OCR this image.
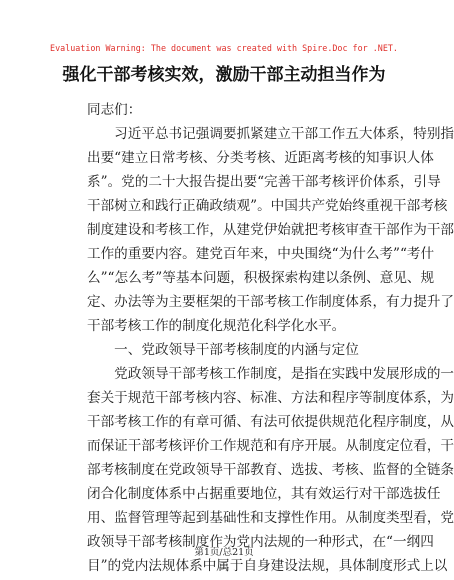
Evaluation Warning: The document was created with Spire.Doc for .NET.
强化干部考核实效，激励干部主动担当作为
同志们：
　　习近平总书记强调要抓紧建立干部工作五大体系，特别指
出要“建立日常考核、分类考核、近距离考核的知事识人体
系”。党的二十大报告提出要“完善干部考核评价体系，引导
干部树立和践行正确政绩观”。中国共产党始终重视干部考核
制度建设和考核工作，从建党伊始就把考核审查干部作为干部
工作的重要内容。建党百年来，中央围绕“为什么考”“考什
么”“怎么考”等基本问题，积极探索构建以条例、意见、规
定、办法等为主要框架的干部考核工作制度体系，有力提升了
干部考核工作的制度化规范化科学化水平。
　　一、党政领导干部考核制度的内涵与定位
　　党政领导干部考核工作制度，是指在实践中发展形成的一
套关于规范干部考核内容、标准、方法和程序等制度体系，为
干部考核工作的有章可循、有法可依提供规范化程序制度，从
而保证干部考核评价工作规范和有序开展。从制度定位看，干
部考核制度在党政领导干部教育、选拔、考核、监督的全链条
闭合化制度体系中占据重要地位，其有效运行对干部选拔任
用、监督管理等起到基础性和支撑性作用。从制度类型看，党
政领导干部考核制度作为党内法规的一种形式，在“一纲四
目”的党内法规体系中属于自身建设法规，具体制度形式上以
第1页/总21页
